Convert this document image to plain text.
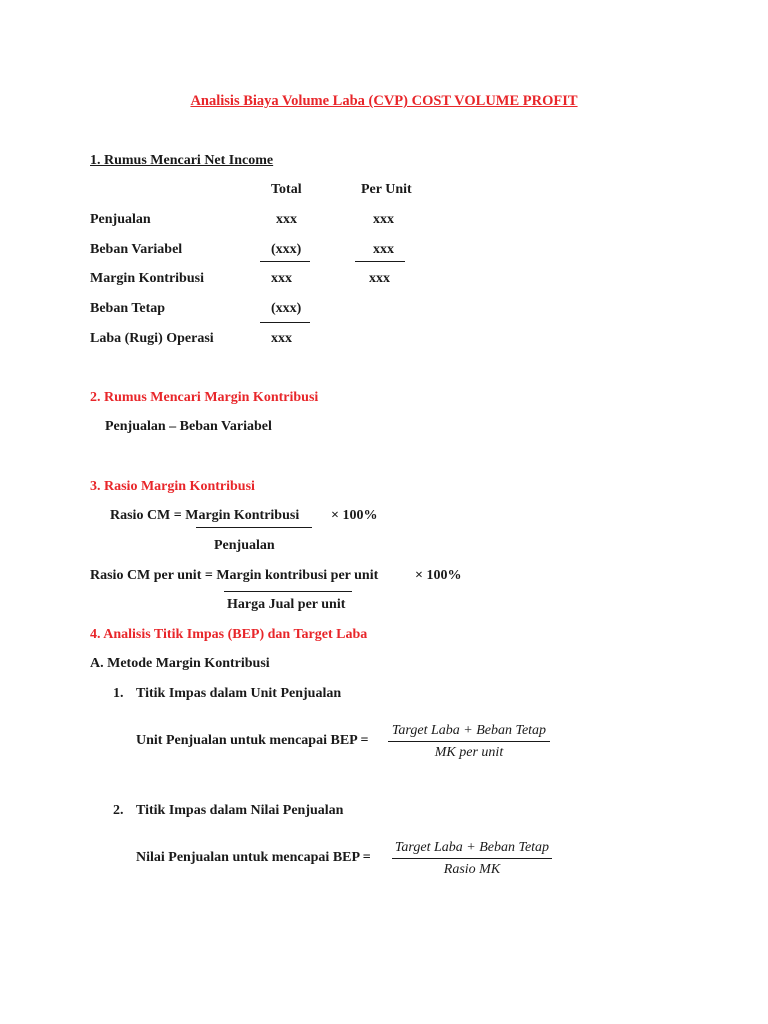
Analisis Biaya Volume Laba (CVP) COST VOLUME PROFIT
1. Rumus Mencari Net Income
Total	Per Unit
Penjualan	xxx	xxx
Beban Variabel	(xxx)	xxx
Margin Kontribusi	xxx	xxx
Beban Tetap	(xxx)
Laba (Rugi) Operasi	xxx
2. Rumus Mencari Margin Kontribusi
Penjualan – Beban Variabel
3. Rasio Margin Kontribusi
Rasio CM = Margin Kontribusi × 100%
Penjualan
Rasio CM per unit = Margin kontribusi per unit	× 100%
Harga Jual per unit
4. Analisis Titik Impas (BEP) dan Target Laba
A. Metode Margin Kontribusi
1. Titik Impas dalam Unit Penjualan
Unit Penjualan untuk mencapai BEP =
Target Laba + Beban Tetap
MK per unit
2. Titik Impas dalam Nilai Penjualan
Nilai Penjualan untuk mencapai BEP =
Target Laba + Beban Tetap
Rasio MK
